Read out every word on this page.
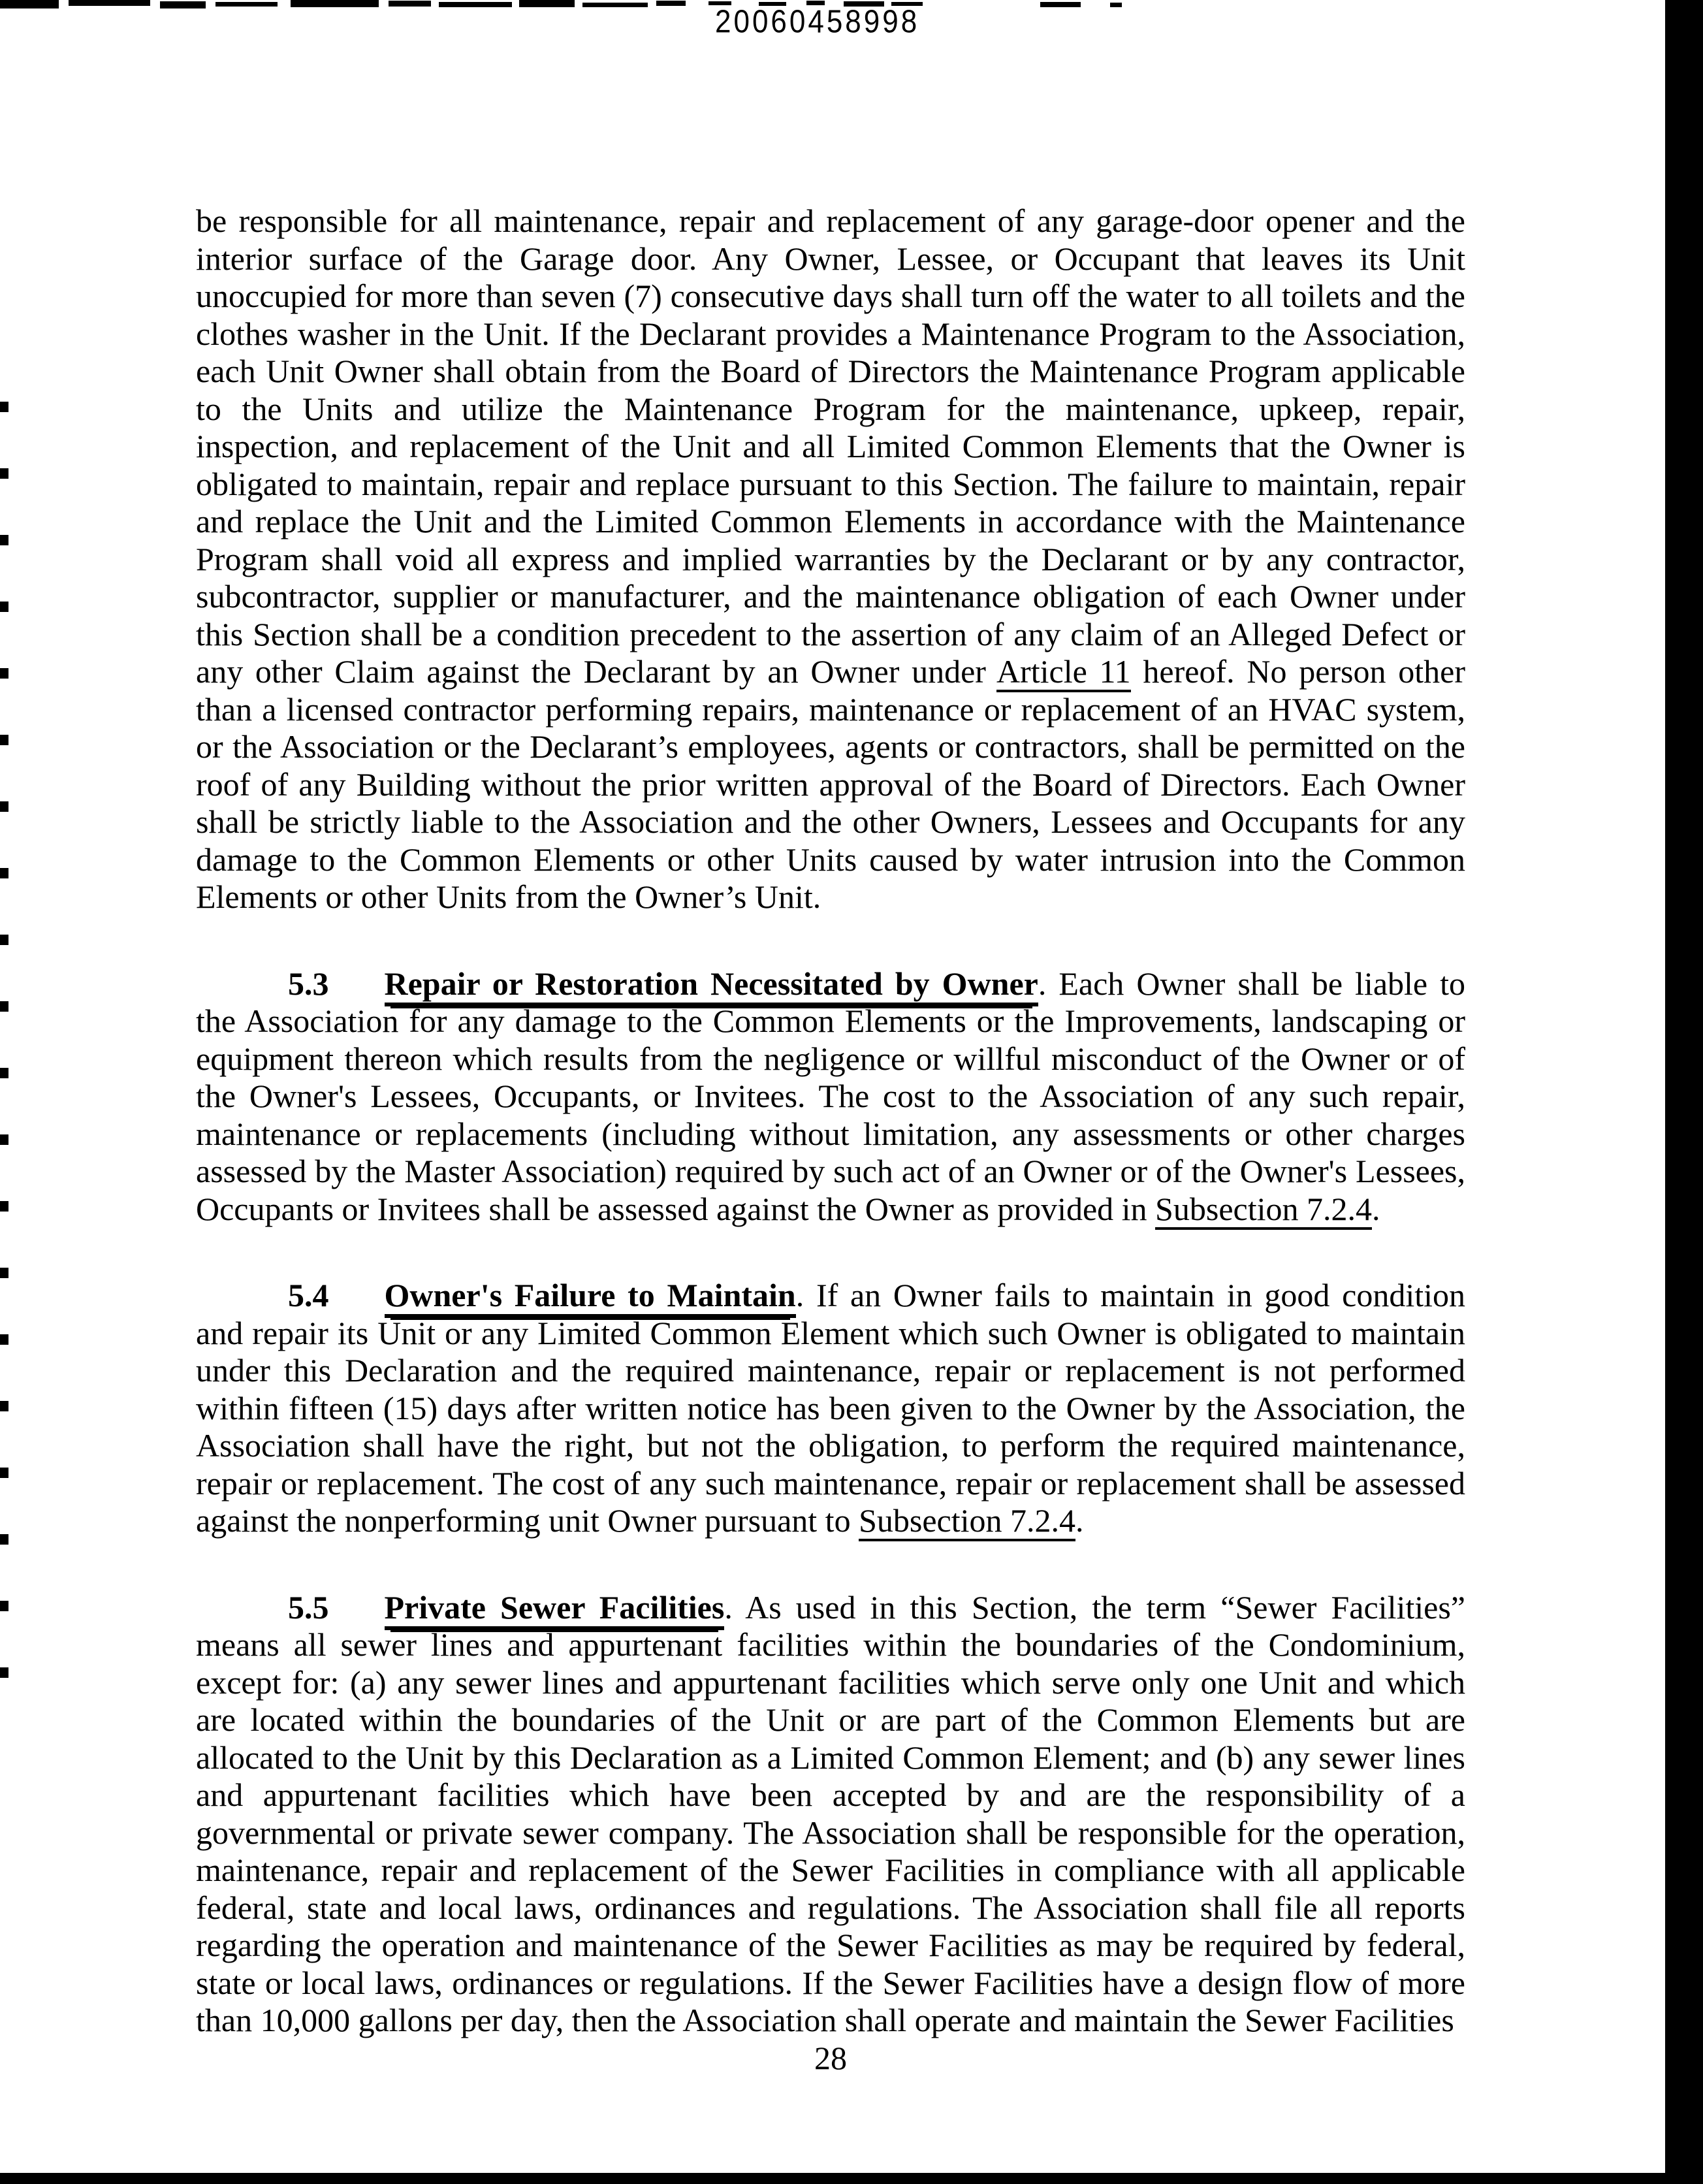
20060458998

be responsible for all maintenance, repair and replacement of any garage-door opener and the interior surface of the Garage door. Any Owner, Lessee, or Occupant that leaves its Unit unoccupied for more than seven (7) consecutive days shall turn off the water to all toilets and the clothes washer in the Unit. If the Declarant provides a Maintenance Program to the Association, each Unit Owner shall obtain from the Board of Directors the Maintenance Program applicable to the Units and utilize the Maintenance Program for the maintenance, upkeep, repair, inspection, and replacement of the Unit and all Limited Common Elements that the Owner is obligated to maintain, repair and replace pursuant to this Section. The failure to maintain, repair and replace the Unit and the Limited Common Elements in accordance with the Maintenance Program shall void all express and implied warranties by the Declarant or by any contractor, subcontractor, supplier or manufacturer, and the maintenance obligation of each Owner under this Section shall be a condition precedent to the assertion of any claim of an Alleged Defect or any other Claim against the Declarant by an Owner under Article 11 hereof. No person other than a licensed contractor performing repairs, maintenance or replacement of an HVAC system, or the Association or the Declarant’s employees, agents or contractors, shall be permitted on the roof of any Building without the prior written approval of the Board of Directors. Each Owner shall be strictly liable to the Association and the other Owners, Lessees and Occupants for any damage to the Common Elements or other Units caused by water intrusion into the Common Elements or other Units from the Owner’s Unit.

5.3 Repair or Restoration Necessitated by Owner. Each Owner shall be liable to the Association for any damage to the Common Elements or the Improvements, landscaping or equipment thereon which results from the negligence or willful misconduct of the Owner or of the Owner's Lessees, Occupants, or Invitees. The cost to the Association of any such repair, maintenance or replacements (including without limitation, any assessments or other charges assessed by the Master Association) required by such act of an Owner or of the Owner's Lessees, Occupants or Invitees shall be assessed against the Owner as provided in Subsection 7.2.4.

5.4 Owner's Failure to Maintain. If an Owner fails to maintain in good condition and repair its Unit or any Limited Common Element which such Owner is obligated to maintain under this Declaration and the required maintenance, repair or replacement is not performed within fifteen (15) days after written notice has been given to the Owner by the Association, the Association shall have the right, but not the obligation, to perform the required maintenance, repair or replacement. The cost of any such maintenance, repair or replacement shall be assessed against the nonperforming unit Owner pursuant to Subsection 7.2.4.

5.5 Private Sewer Facilities. As used in this Section, the term “Sewer Facilities” means all sewer lines and appurtenant facilities within the boundaries of the Condominium, except for: (a) any sewer lines and appurtenant facilities which serve only one Unit and which are located within the boundaries of the Unit or are part of the Common Elements but are allocated to the Unit by this Declaration as a Limited Common Element; and (b) any sewer lines and appurtenant facilities which have been accepted by and are the responsibility of a governmental or private sewer company. The Association shall be responsible for the operation, maintenance, repair and replacement of the Sewer Facilities in compliance with all applicable federal, state and local laws, ordinances and regulations. The Association shall file all reports regarding the operation and maintenance of the Sewer Facilities as may be required by federal, state or local laws, ordinances or regulations. If the Sewer Facilities have a design flow of more than 10,000 gallons per day, then the Association shall operate and maintain the Sewer Facilities

28
